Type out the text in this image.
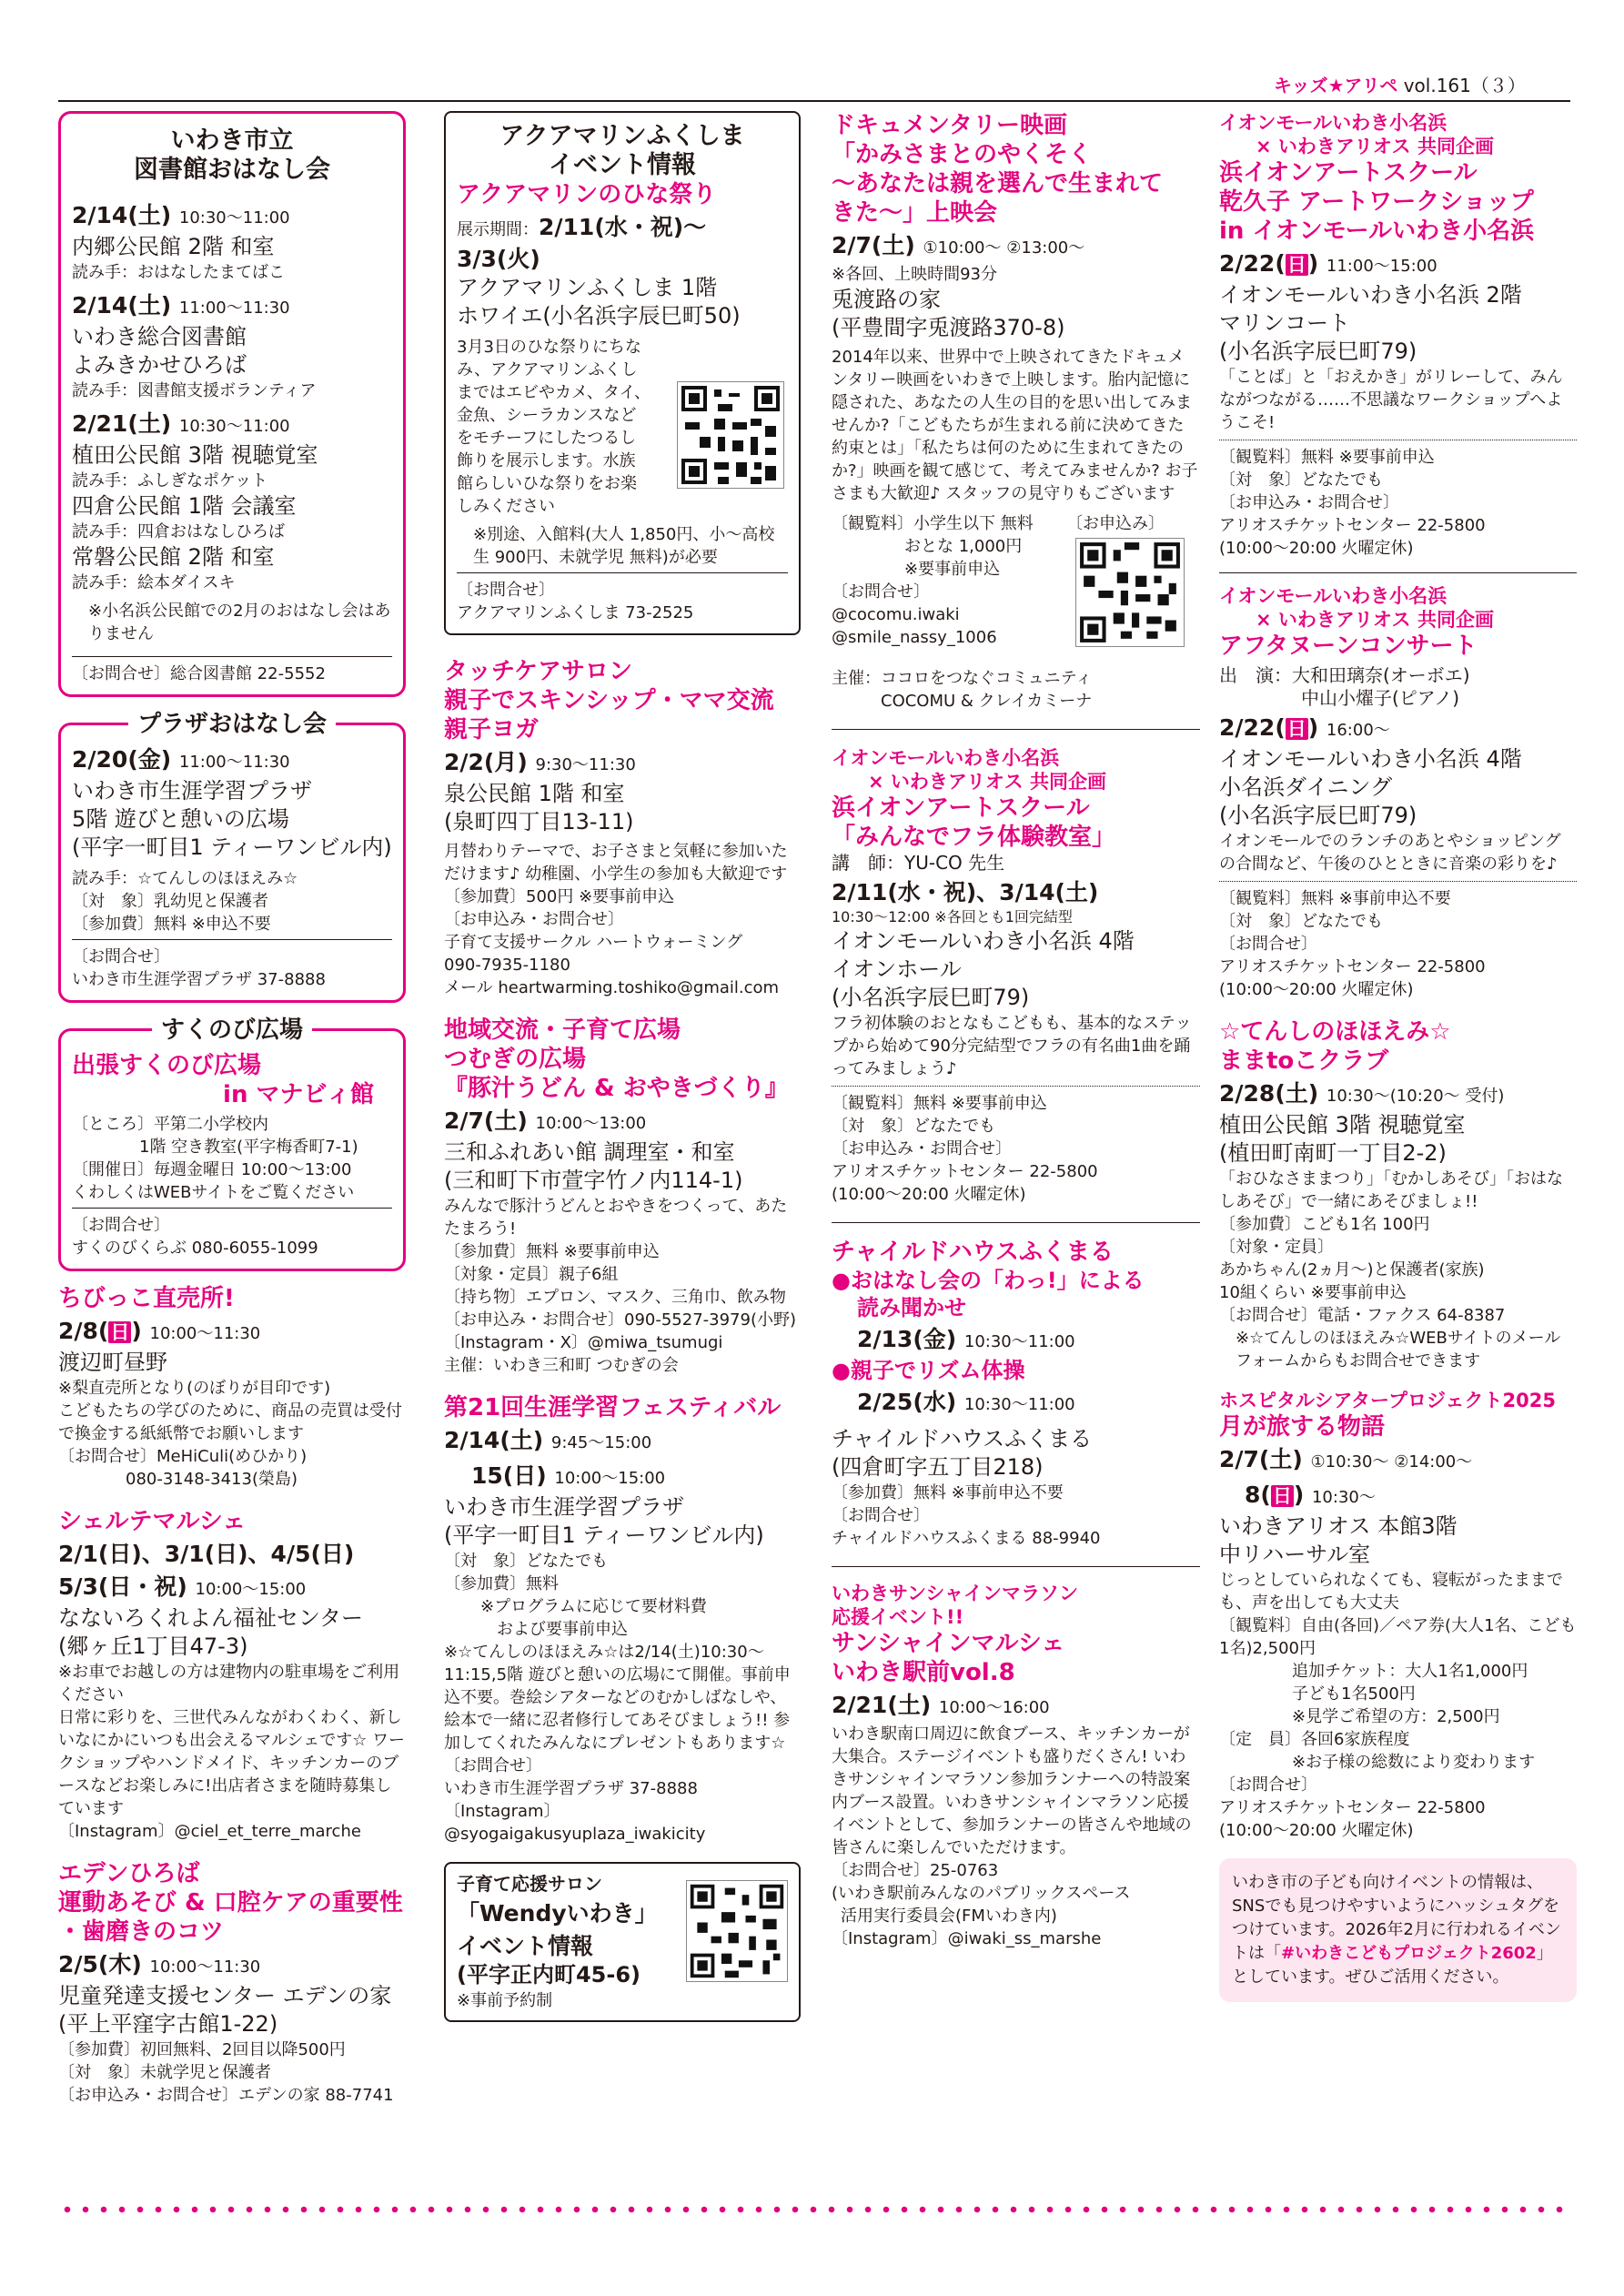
キッズ★アリペ vol.161（３）
いわき市立
図書館おはなし会
2/14(土) 10:30～11:00
内郷公民館 2階 和室
読み手：おはなしたまてばこ
2/14(土) 11:00～11:30
いわき総合図書館
よみきかせひろば
読み手：図書館支援ボランティア
2/21(土) 10:30～11:00
植田公民館 3階 視聴覚室
読み手：ふしぎなポケット
四倉公民館 1階 会議室
読み手：四倉おはなしひろば
常磐公民館 2階 和室
読み手：絵本ダイスキ
※小名浜公民館での2月のおはなし会はありません
〔お問合せ〕総合図書館 22-5552
プラザおはなし会
2/20(金) 11:00～11:30
いわき市生涯学習プラザ
5階 遊びと憩いの広場
(平字一町目1 ティーワンビル内)
読み手：☆てんしのほほえみ☆
〔対　象〕乳幼児と保護者
〔参加費〕無料 ※申込不要
〔お問合せ〕
いわき市生涯学習プラザ 37-8888
すくのび広場
出張すくのび広場
in マナビィ館
〔ところ〕平第二小学校内
1階 空き教室(平字梅香町7-1)
〔開催日〕毎週金曜日 10:00～13:00
くわしくはWEBサイトをご覧ください
〔お問合せ〕
すくのびくらぶ 080-6055-1099
ちびっこ直売所!
2/8(日) 10:00～11:30
渡辺町昼野
※梨直売所となり(のぼりが目印です)
こどもたちの学びのために、商品の売買は受付で換金する紙紙幣でお願いします
〔お問合せ〕MeHiCuli(めひかり)
080-3148-3413(榮島)
シェルテマルシェ
2/1(日)、3/1(日)、4/5(日)
5/3(日・祝) 10:00～15:00
なないろくれよん福祉センター
(郷ヶ丘1丁目47-3)
※お車でお越しの方は建物内の駐車場をご利用ください
日常に彩りを、三世代みんながわくわく、新しいなにかにいつも出会えるマルシェです☆ ワークショップやハンドメイド、キッチンカーのブースなどお楽しみに!出店者さまを随時募集しています
〔Instagram〕@ciel_et_terre_marche
エデンひろば
運動あそび & 口腔ケアの重要性
・歯磨きのコツ
2/5(木) 10:00～11:30
児童発達支援センター エデンの家
(平上平窪字古館1-22)
〔参加費〕初回無料、2回目以降500円
〔対　象〕未就学児と保護者
〔お申込み・お問合せ〕エデンの家 88-7741
アクアマリンふくしま
イベント情報
アクアマリンのひな祭り
展示期間：2/11(水・祝)～3/3(火)
アクアマリンふくしま 1階
ホワイエ(小名浜字辰巳町50)
3月3日のひな祭りにちなみ、アクアマリンふくしまではエビやカメ、タイ、金魚、シーラカンスなどをモチーフにしたつるし飾りを展示します。水族館らしいひな祭りをお楽しみください
※別途、入館料(大人 1,850円、小～高校生 900円、未就学児 無料)が必要
〔お問合せ〕
アクアマリンふくしま 73-2525
タッチケアサロン
親子でスキンシップ・ママ交流
親子ヨガ
2/2(月) 9:30～11:30
泉公民館 1階 和室
(泉町四丁目13-11)
月替わりテーマで、お子さまと気軽に参加いただけます♪ 幼稚園、小学生の参加も大歓迎です
〔参加費〕500円 ※要事前申込
〔お申込み・お問合せ〕
子育て支援サークル ハートウォーミング
090-7935-1180
メール heartwarming.toshiko@gmail.com
地域交流・子育て広場
つむぎの広場
『豚汁うどん & おやきづくり』
2/7(土) 10:00～13:00
三和ふれあい館 調理室・和室
(三和町下市萱字竹ノ内114-1)
みんなで豚汁うどんとおやきをつくって、あたたまろう!
〔参加費〕無料 ※要事前申込
〔対象・定員〕親子6組
〔持ち物〕エプロン、マスク、三角巾、飲み物
〔お申込み・お問合せ〕090-5527-3979(小野)
〔Instagram・X〕@miwa_tsumugi
主催：いわき三和町 つむぎの会
第21回生涯学習フェスティバル
2/14(土) 9:45～15:00
15(日) 10:00～15:00
いわき市生涯学習プラザ
(平字一町目1 ティーワンビル内)
〔対　象〕どなたでも
〔参加費〕無料
※プログラムに応じて要材料費
および要事前申込
※☆てんしのほほえみ☆は2/14(土)10:30～11:15,5階 遊びと憩いの広場にて開催。事前申込不要。巻絵シアターなどのむかしばなしや、絵本で一緒に忍者修行してあそびましょう!! 参加してくれたみんなにプレゼントもあります☆
〔お問合せ〕
いわき市生涯学習プラザ 37-8888
〔Instagram〕
@syogaigakusyuplaza_iwakicity
子育て応援サロン
「Wendyいわき」
イベント情報
(平字正内町45-6)
※事前予約制
ドキュメンタリー映画
「かみさまとのやくそく
～あなたは親を選んで生まれて
きた～」上映会
2/7(土) ①10:00～ ②13:00～
※各回、上映時間93分
兎渡路の家
(平豊間字兎渡路370-8)
2014年以来、世界中で上映されてきたドキュメンタリー映画をいわきで上映します。胎内記憶に隠された、あなたの人生の目的を思い出してみませんか?「こどもたちが生まれる前に決めてきた約束とは」「私たちは何のために生まれてきたのか?」映画を観て感じて、考えてみませんか? お子さまも大歓迎♪ スタッフの見守りもございます
〔観覧料〕小学生以下 無料
おとな 1,000円
※要事前申込
〔お問合せ〕
@cocomu.iwaki
@smile_nassy_1006
〔お申込み〕
主催：ココロをつなぐコミュニティ
COCOMU & クレイカミーナ
イオンモールいわき小名浜
× いわきアリオス 共同企画
浜イオンアートスクール
「みんなでフラ体験教室」
講　師：YU-CO 先生
2/11(水・祝)、3/14(土)
10:30～12:00 ※各回とも1回完結型
イオンモールいわき小名浜 4階
イオンホール
(小名浜字辰巳町79)
フラ初体験のおとなもこどもも、基本的なステップから始めて90分完結型でフラの有名曲1曲を踊ってみましょう♪
〔観覧料〕無料 ※要事前申込
〔対　象〕どなたでも
〔お申込み・お問合せ〕
アリオスチケットセンター 22-5800
(10:00～20:00 火曜定休)
チャイルドハウスふくまる
●おはなし会の「わっ!」による
読み聞かせ
2/13(金) 10:30～11:00
●親子でリズム体操
2/25(水) 10:30～11:00
チャイルドハウスふくまる
(四倉町字五丁目218)
〔参加費〕無料 ※事前申込不要
〔お問合せ〕
チャイルドハウスふくまる 88-9940
いわきサンシャインマラソン
応援イベント!!
サンシャインマルシェ
いわき駅前vol.8
2/21(土) 10:00～16:00
いわき駅南口周辺に飲食ブース、キッチンカーが大集合。ステージイベントも盛りだくさん! いわきサンシャインマラソン参加ランナーへの特設案内ブース設置。いわきサンシャインマラソン応援イベントとして、参加ランナーの皆さんや地域の皆さんに楽しんでいただけます。
〔お問合せ〕25-0763
(いわき駅前みんなのパブリックスペース
活用実行委員会(FMいわき内)
〔Instagram〕@iwaki_ss_marshe
イオンモールいわき小名浜
× いわきアリオス 共同企画
浜イオンアートスクール
乾久子 アートワークショップ
in イオンモールいわき小名浜
2/22(日) 11:00～15:00
イオンモールいわき小名浜 2階
マリンコート
(小名浜字辰巳町79)
「ことば」と「おえかき」がリレーして、みんながつながる……不思議なワークショップへようこそ!
〔観覧料〕無料 ※要事前申込
〔対　象〕どなたでも
〔お申込み・お問合せ〕
アリオスチケットセンター 22-5800
(10:00～20:00 火曜定休)
イオンモールいわき小名浜
× いわきアリオス 共同企画
アフタヌーンコンサート
出　演：大和田璃奈(オーボエ)
中山小燿子(ピアノ)
2/22(日) 16:00～
イオンモールいわき小名浜 4階
小名浜ダイニング
(小名浜字辰巳町79)
イオンモールでのランチのあとやショッピングの合間など、午後のひとときに音楽の彩りを♪
〔観覧料〕無料 ※事前申込不要
〔対　象〕どなたでも
〔お問合せ〕
アリオスチケットセンター 22-5800
(10:00～20:00 火曜定休)
☆てんしのほほえみ☆
ままtoこクラブ
2/28(土) 10:30～(10:20～ 受付)
植田公民館 3階 視聴覚室
(植田町南町一丁目2-2)
「おひなさままつり」「むかしあそび」「おはなしあそび」で一緒にあそびましょ!!
〔参加費〕こども1名 100円
〔対象・定員〕
あかちゃん(2ヵ月～)と保護者(家族)
10組くらい ※要事前申込
〔お問合せ〕電話・ファクス 64-8387
※☆てんしのほほえみ☆WEBサイトのメールフォームからもお問合せできます
ホスピタルシアタープロジェクト2025
月が旅する物語
2/7(土) ①10:30～ ②14:00～
8(日) 10:30～
いわきアリオス 本館3階
中リハーサル室
じっとしていられなくても、寝転がったままでも、声を出しても大丈夫
〔観覧料〕自由(各回)／ペア券(大人1名、こども1名)2,500円
追加チケット：大人1名1,000円
子ども1名500円
※見学ご希望の方：2,500円
〔定　員〕各回6家族程度
※お子様の総数により変わります
〔お問合せ〕
アリオスチケットセンター 22-5800
(10:00～20:00 火曜定休)
いわき市の子ども向けイベントの情報は、SNSでも見つけやすいようにハッシュタグをつけています。2026年2月に行われるイベントは「#いわきこどもプロジェクト2602」としています。ぜひご活用ください。
